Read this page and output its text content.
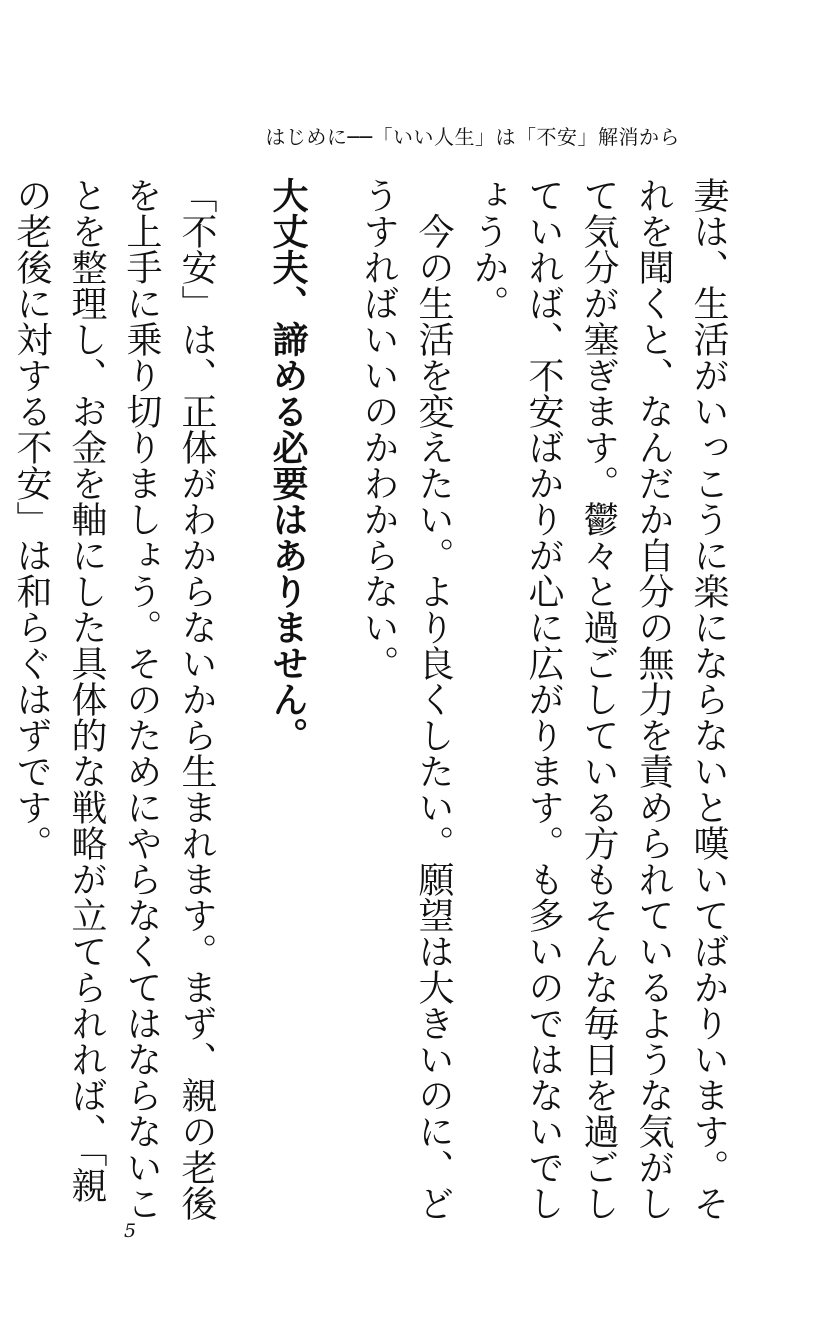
はじめに──「いい人生」は「不安」解消から

妻は、生活がいっこうに楽にならないと嘆いてばかりいます。それを聞くと、なんだか自分の無力を責められているような気がして気分が塞ぎます。鬱々と過ごしている方もそんな毎日を過ごしていれば、不安ばかりが心に広がります。も多いのではないでしょうか。

今の生活を変えたい。より良くしたい。願望は大きいのに、どうすればいいのかわからない。

大丈夫、諦める必要はありません。

「不安」は、正体がわからないから生まれます。まず、親の老後を上手に乗り切りましょう。そのためにやらなくてはならないことを整理し、お金を軸にした具体的な戦略が立てられれば、「親の老後に対する不安」は和らぐはずです。

5
